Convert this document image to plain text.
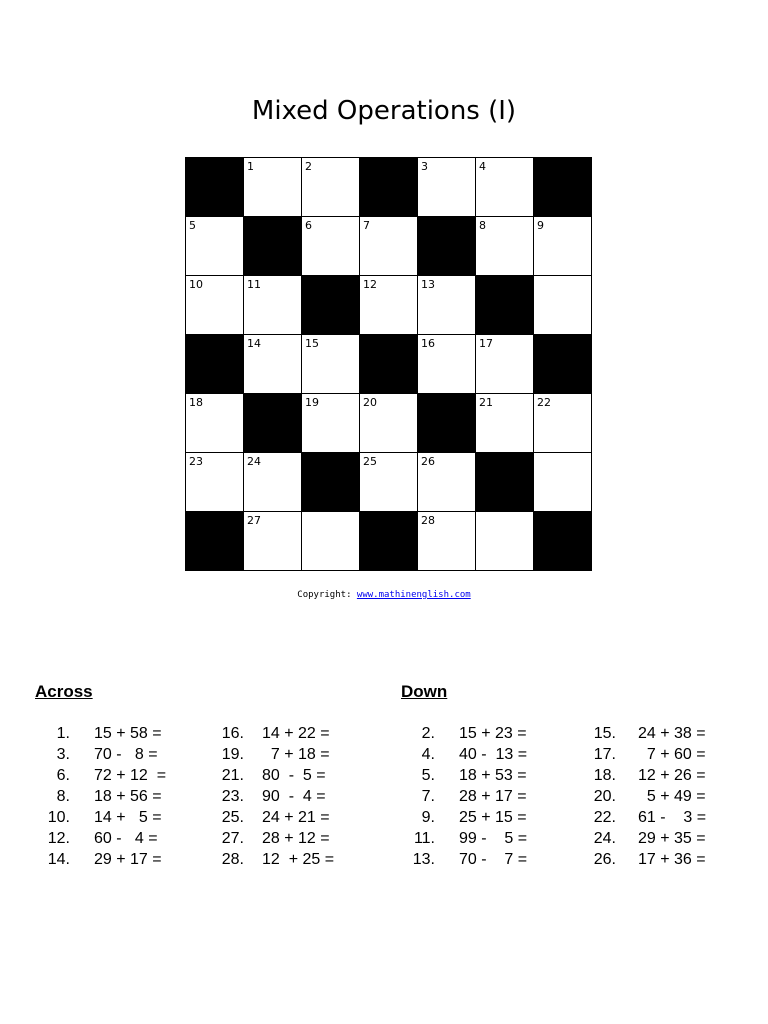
Mixed Operations (I)
1	2	3	4
5	6	7	8	9
10	11	12	13
14	15	16	17
18	19	20	21	22
23	24	25	26
27	28
Copyright: www.mathinenglish.com
Across	Down
1. 15 + 58 =
3. 70 -   8 =
6. 72 + 12  =
8. 18 + 56 =
10. 14 +   5 =
12. 60 -   4 =
14. 29 + 17 =
16. 14 + 22 =
19. 7 + 18 =
21. 80  -  5 =
23. 90  -  4 =
25. 24 + 21 =
27. 28 + 12 =
28. 12  + 25 =
2. 15 + 23 =
4. 40 -  13 =
5. 18 + 53 =
7. 28 + 17 =
9. 25 + 15 =
11. 99 -    5 =
13. 70 -    7 =
15. 24 + 38 =
17. 7 + 60 =
18. 12 + 26 =
20. 5 + 49 =
22. 61 -    3 =
24. 29 + 35 =
26. 17 + 36 =
